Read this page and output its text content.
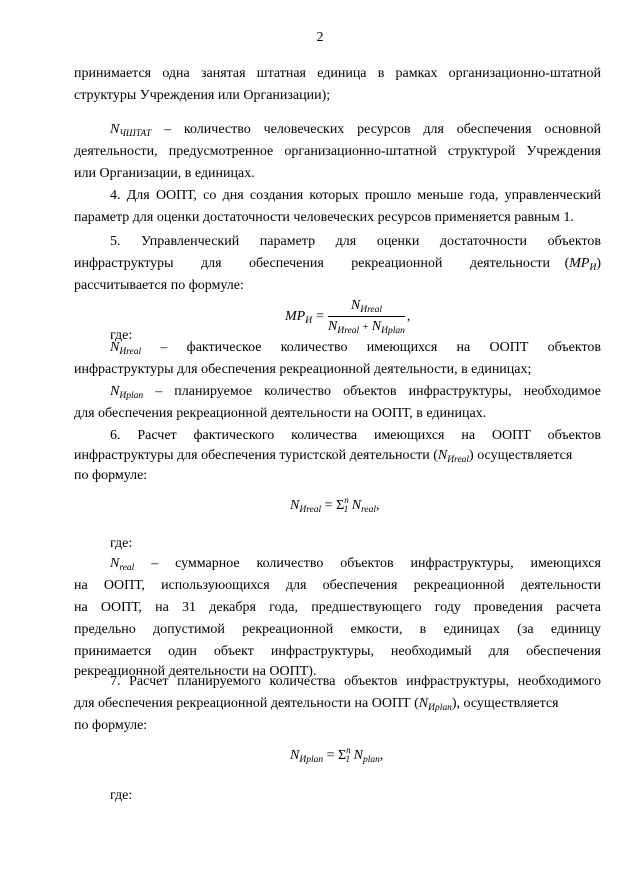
2
принимается одна занятая штатная единица в рамках организационно-штатной
структуры Учреждения или Организации);
$N_{ЧШТАТ}$ – количество человеческих ресурсов для обеспечения основной
деятельности, предусмотренное организационно-штатной структурой Учреждения
или Организации, в единицах.
4. Для ООПТ, со дня создания которых прошло меньше года, управленческий
параметр для оценки достаточности человеческих ресурсов применяется равным 1.
5. Управленческий параметр для оценки достаточности объектов
инфраструктуры для обеспечения рекреационной деятельности $(MP_И)$
рассчитывается по формуле:
$MP_И = \frac{N_{Иreal}}{N_{Иreal} + N_{Иplan}}$ ,
где:
$N_{Иreal}$ – фактическое количество имеющихся на ООПТ объектов
инфраструктуры для обеспечения рекреационной деятельности, в единицах;
$N_{Иplan}$ – планируемое количество объектов инфраструктуры, необходимое
для обеспечения рекреационной деятельности на ООПТ, в единицах.
6. Расчет фактического количества имеющихся на ООПТ объектов
инфраструктуры для обеспечения туристской деятельности $(N_{Иreal})$ осуществляется
по формуле:
$N_{Иreal} = \Sigma^n_1$ $N_{real}$,
где:
$N_{real}$ – суммарное количество объектов инфраструктуры, имеющихся
на ООПТ, используюoщихся для обеспечения рекреационной деятельности
на ООПТ, на 31 декабря года, предшествующего году проведения расчета
предельно допустимой рекреационной емкости, в единицах (за единицу
принимается один объект инфраструктуры, необходимый для обеспечения
рекреационной деятельности на ООПТ).
7. Расчет планируемого количества объектов инфраструктуры, необходимого
для обеспечения рекреационной деятельности на ООПТ $(N_{Иplan})$, осуществляется
по формуле:
$N_{Иplan} = \Sigma^n_1$ $N_{plan}$,
где:
